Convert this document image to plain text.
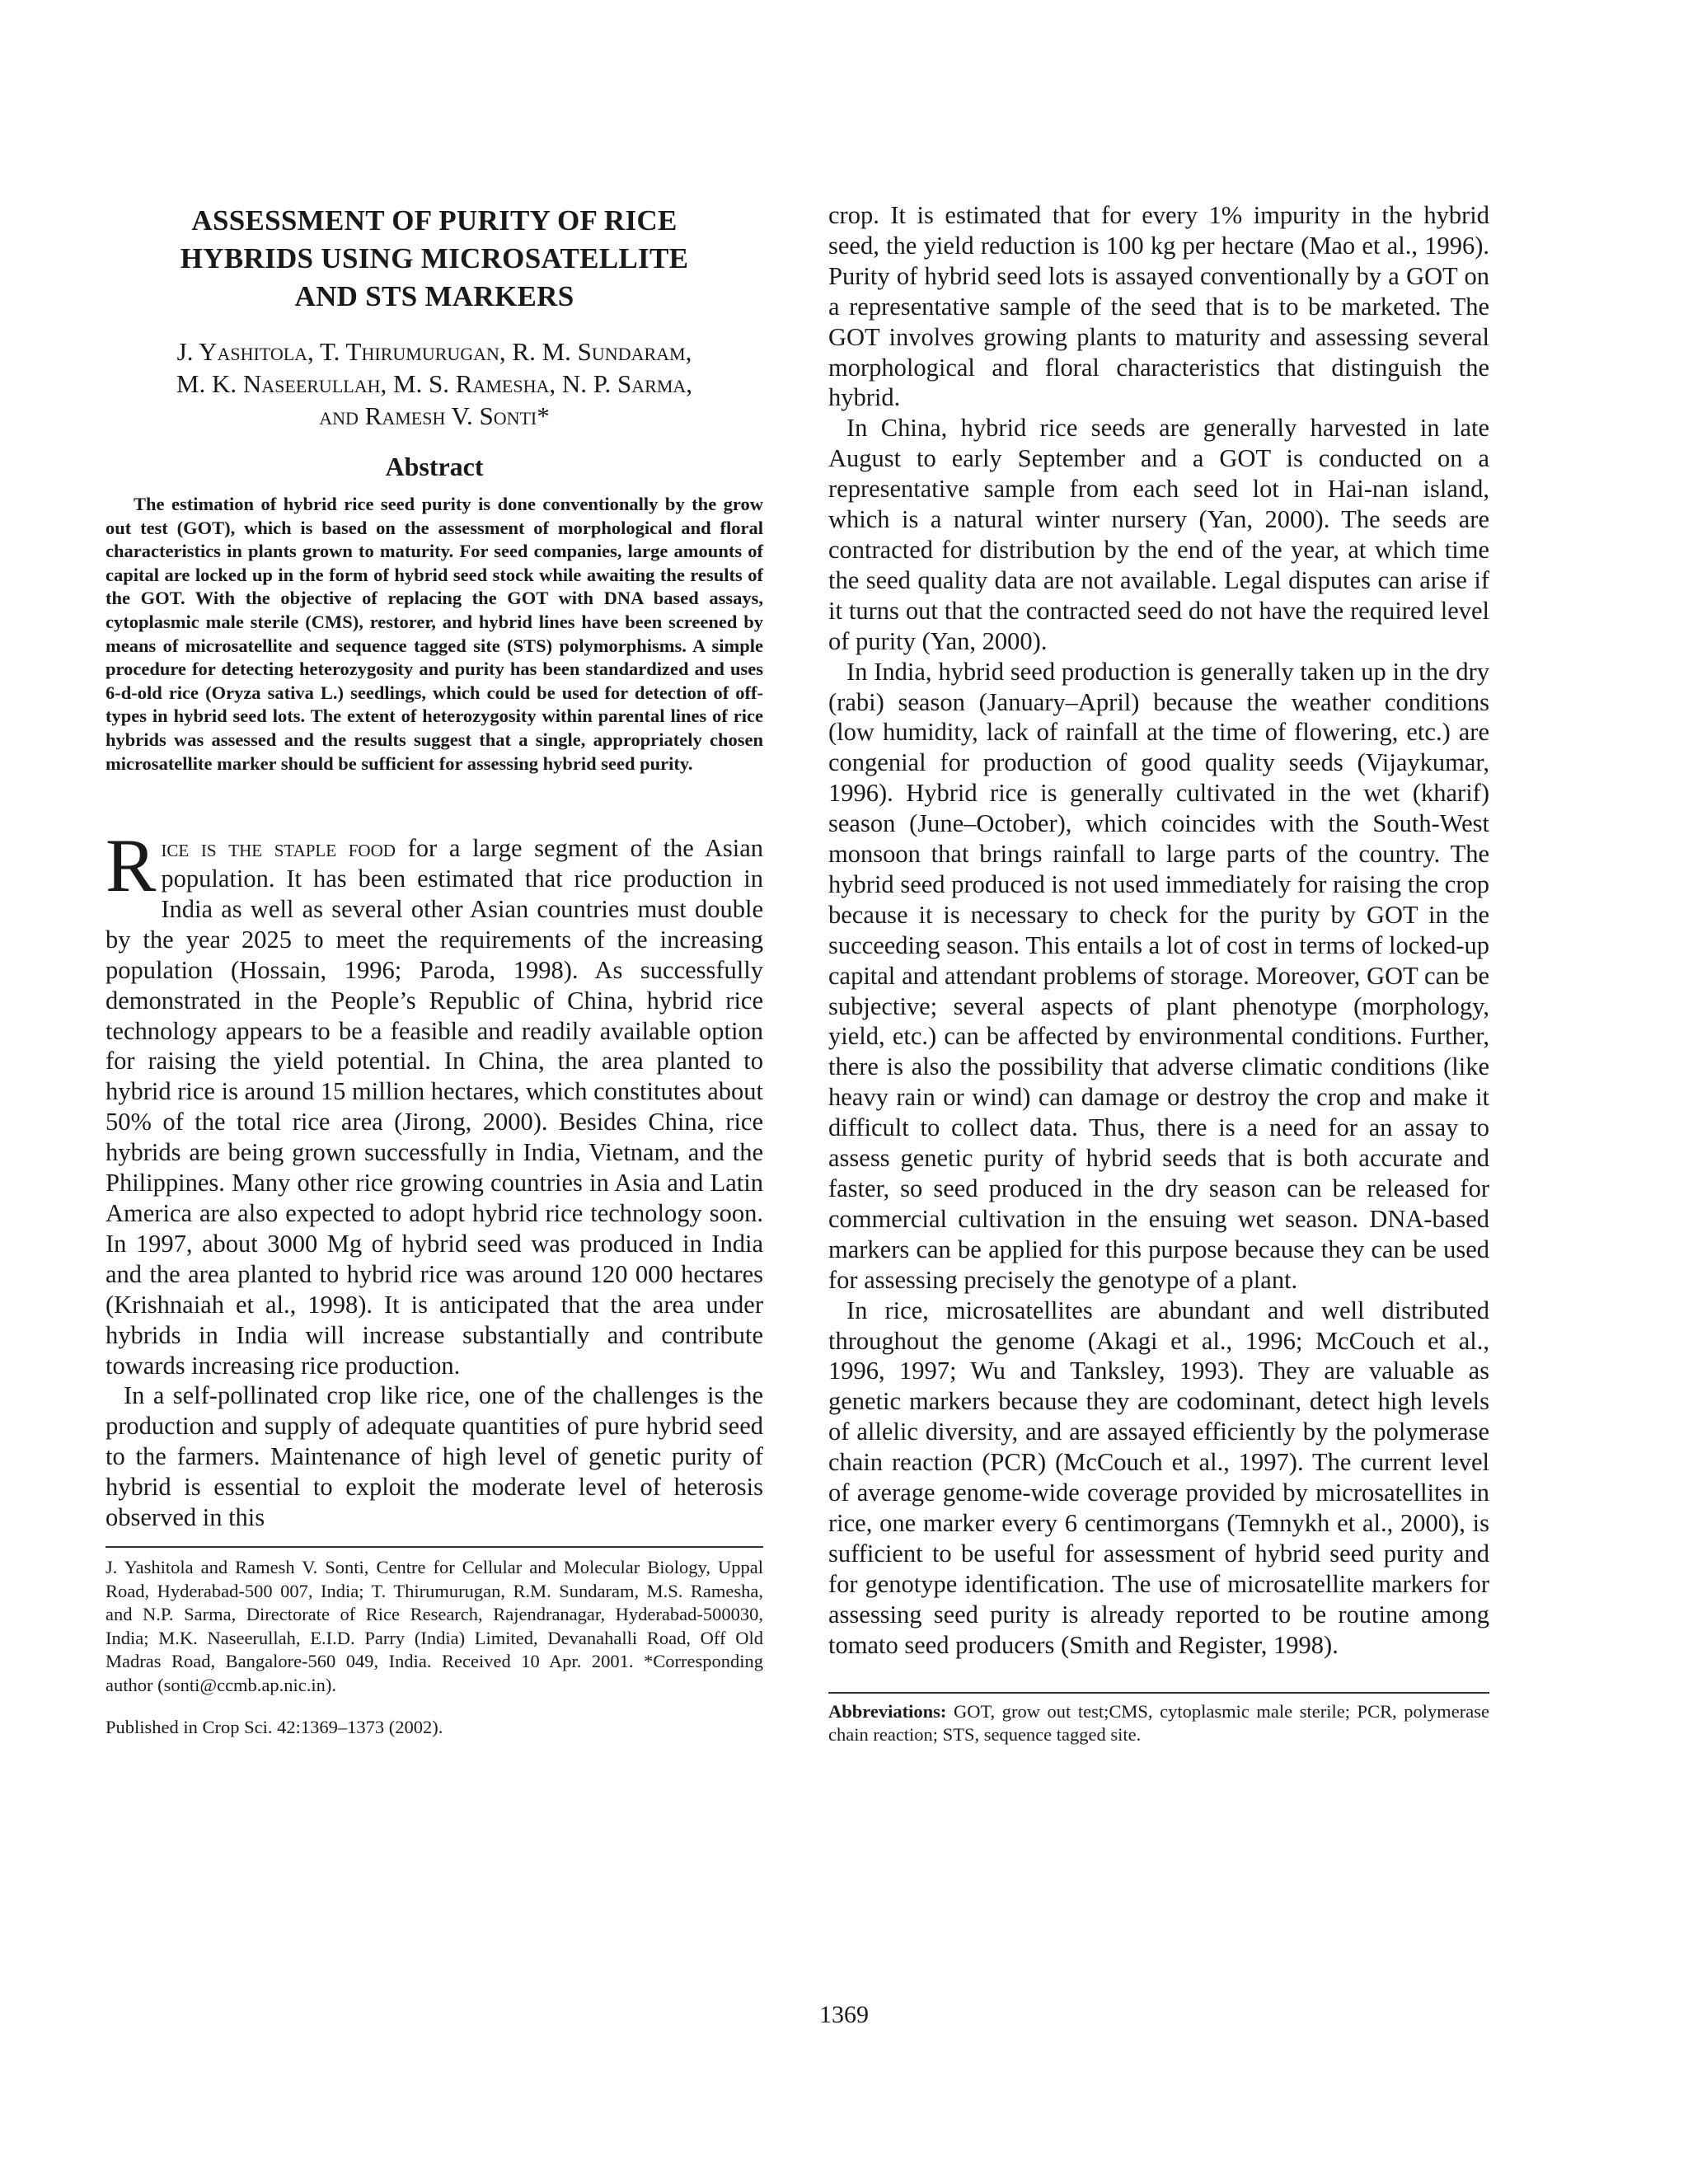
ASSESSMENT OF PURITY OF RICE
HYBRIDS USING MICROSATELLITE
AND STS MARKERS
J. Yashitola, T. Thirumurugan, R. M. Sundaram,
M. K. Naseerullah, M. S. Ramesha, N. P. Sarma,
and Ramesh V. Sonti*
Abstract

The estimation of hybrid rice seed purity is done conventionally by the grow out test (GOT), which is based on the assessment of morphological and floral characteristics in plants grown to maturity. For seed companies, large amounts of capital are locked up in the form of hybrid seed stock while awaiting the results of the GOT. With the objective of replacing the GOT with DNA based assays, cytoplasmic male sterile (CMS), restorer, and hybrid lines have been screened by means of microsatellite and sequence tagged site (STS) polymorphisms. A simple procedure for detecting heterozygosity and purity has been standardized and uses 6-d-old rice (Oryza sativa L.) seedlings, which could be used for detection of off-types in hybrid seed lots. The extent of heterozygosity within parental lines of rice hybrids was assessed and the results suggest that a single, appropriately chosen microsatellite marker should be sufficient for assessing hybrid seed purity.

Rice is the staple food for a large segment of the Asian population. It has been estimated that rice production in India as well as several other Asian countries must double by the year 2025 to meet the requirements of the increasing population (Hossain, 1996; Paroda, 1998). As successfully demonstrated in the People’s Republic of China, hybrid rice technology appears to be a feasible and readily available option for raising the yield potential. In China, the area planted to hybrid rice is around 15 million hectares, which constitutes about 50% of the total rice area (Jirong, 2000). Besides China, rice hybrids are being grown successfully in India, Vietnam, and the Philippines. Many other rice growing countries in Asia and Latin America are also expected to adopt hybrid rice technology soon. In 1997, about 3000 Mg of hybrid seed was produced in India and the area planted to hybrid rice was around 120 000 hectares (Krishnaiah et al., 1998). It is anticipated that the area under hybrids in India will increase substantially and contribute towards increasing rice production.

In a self-pollinated crop like rice, one of the challenges is the production and supply of adequate quantities of pure hybrid seed to the farmers. Maintenance of high level of genetic purity of hybrid is essential to exploit the moderate level of heterosis observed in this

J. Yashitola and Ramesh V. Sonti, Centre for Cellular and Molecular Biology, Uppal Road, Hyderabad-500 007, India; T. Thirumurugan, R.M. Sundaram, M.S. Ramesha, and N.P. Sarma, Directorate of Rice Research, Rajendranagar, Hyderabad-500030, India; M.K. Naseerullah, E.I.D. Parry (India) Limited, Devanahalli Road, Off Old Madras Road, Bangalore-560 049, India. Received 10 Apr. 2001. *Corresponding author (sonti@ccmb.ap.nic.in).

Published in Crop Sci. 42:1369–1373 (2002).

crop. It is estimated that for every 1% impurity in the hybrid seed, the yield reduction is 100 kg per hectare (Mao et al., 1996). Purity of hybrid seed lots is assayed conventionally by a GOT on a representative sample of the seed that is to be marketed. The GOT involves growing plants to maturity and assessing several morphological and floral characteristics that distinguish the hybrid.

In China, hybrid rice seeds are generally harvested in late August to early September and a GOT is conducted on a representative sample from each seed lot in Hai-nan island, which is a natural winter nursery (Yan, 2000). The seeds are contracted for distribution by the end of the year, at which time the seed quality data are not available. Legal disputes can arise if it turns out that the contracted seed do not have the required level of purity (Yan, 2000).

In India, hybrid seed production is generally taken up in the dry (rabi) season (January–April) because the weather conditions (low humidity, lack of rainfall at the time of flowering, etc.) are congenial for production of good quality seeds (Vijaykumar, 1996). Hybrid rice is generally cultivated in the wet (kharif) season (June–October), which coincides with the South-West monsoon that brings rainfall to large parts of the country. The hybrid seed produced is not used immediately for raising the crop because it is necessary to check for the purity by GOT in the succeeding season. This entails a lot of cost in terms of locked-up capital and attendant problems of storage. Moreover, GOT can be subjective; several aspects of plant phenotype (morphology, yield, etc.) can be affected by environmental conditions. Further, there is also the possibility that adverse climatic conditions (like heavy rain or wind) can damage or destroy the crop and make it difficult to collect data. Thus, there is a need for an assay to assess genetic purity of hybrid seeds that is both accurate and faster, so seed produced in the dry season can be released for commercial cultivation in the ensuing wet season. DNA-based markers can be applied for this purpose because they can be used for assessing precisely the genotype of a plant.

In rice, microsatellites are abundant and well distributed throughout the genome (Akagi et al., 1996; McCouch et al., 1996, 1997; Wu and Tanksley, 1993). They are valuable as genetic markers because they are codominant, detect high levels of allelic diversity, and are assayed efficiently by the polymerase chain reaction (PCR) (McCouch et al., 1997). The current level of average genome-wide coverage provided by microsatellites in rice, one marker every 6 centimorgans (Temnykh et al., 2000), is sufficient to be useful for assessment of hybrid seed purity and for genotype identification. The use of microsatellite markers for assessing seed purity is already reported to be routine among tomato seed producers (Smith and Register, 1998).

Abbreviations: GOT, grow out test;CMS, cytoplasmic male sterile; PCR, polymerase chain reaction; STS, sequence tagged site.

1369
